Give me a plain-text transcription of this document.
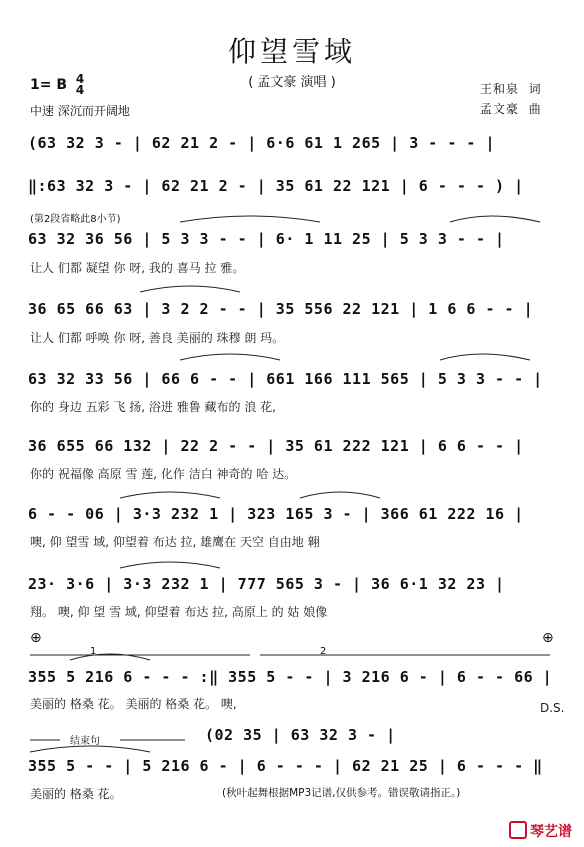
仰望雪域
( 孟文豪 演唱 )
1= B 4
4
中速 深沉而开阔地
王和泉 词
孟文豪 曲
(63 32 3 - | 62 21 2 - | 6·6 61 1 265 | 3 - - - |
‖:63 32 3 - | 62 21 2 - | 35 61 22 121 | 6 - - - ) |
(第2段省略此8小节)
63 32 36 56 | 5 3 3 - - | 6· 1 11 25 | 5 3 3 - - |
让人 们都 凝望 你 呀, 我的 喜马 拉 雅。
36 65 66 63 | 3 2 2 - - | 35 556 22 121 | 1 6 6 - - |
让人 们都 呼唤 你 呀, 善良 美丽的 珠穆 朗 玛。
63 32 33 56 | 66 6 - - | 661 166 111 565 | 5 3 3 - - |
你的 身边 五彩 飞 扬, 浴进 雅鲁 藏布的 浪 花,
36 655 66 132 | 22 2 - - | 35 61 222 121 | 6 6 - - |
你的 祝福像 高原 雪 莲, 化作 洁白 神奇的 哈 达。
6 - - 06 | 3·3 232 1 | 323 165 3 - | 366 61 222 16 |
噢, 仰 望雪 域, 仰望着 布达 拉, 雄鹰在 天空 自由地 翱
23· 3·6 | 3·3 232 1 | 777 565 3 - | 36 6·1 32 23 |
翔。 噢, 仰 望 雪 域, 仰望着 布达 拉, 高原上 的 姑 娘像
⊕	⊕
1	2
355 5 216 6 - - - :‖ 355 5 - - | 3 216 6 - | 6 - - 66 |
美丽的 格桑 花。 美丽的 格桑 花。 噢,	D.S.
结束句	(02 35 | 63 32 3 - |
355 5 - - | 5 216 6 - | 6 - - - | 62 21 25 | 6 - - - ‖
美丽的 格桑 花。	(秋叶起舞根据MP3记谱,仅供参考。错误敬请指正。)
琴艺谱
